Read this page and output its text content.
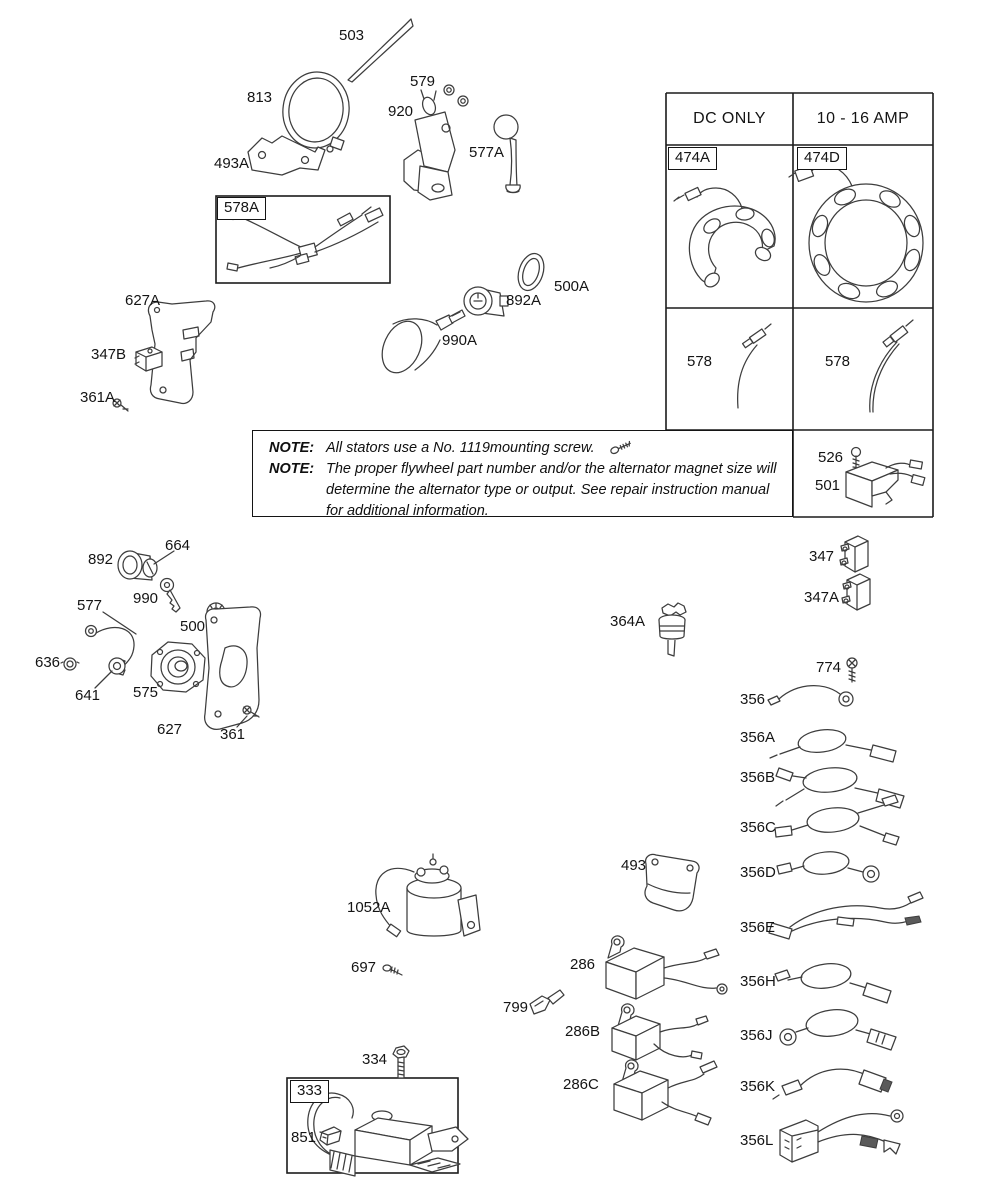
DC ONLY	10 - 16 AMP
NOTE: All stators use a No. 1119mounting screw.
NOTE: The proper flywheel part number and/or the alternator magnet size will
determine the alternator type or output. See repair instruction manual
for additional information.
503
813
493A
920
579
577A
578A
627A
347B
361A
892A
500A
990A
474A	474D
578	578
526
501
664
892
990
577
500
636
641 575
627	361
364A
347
347A
774
356
356A
356B
356C
356D
356E
356H
356J
356K
356L
1052A
697
493
286
799
286B
286C
334
333
851
